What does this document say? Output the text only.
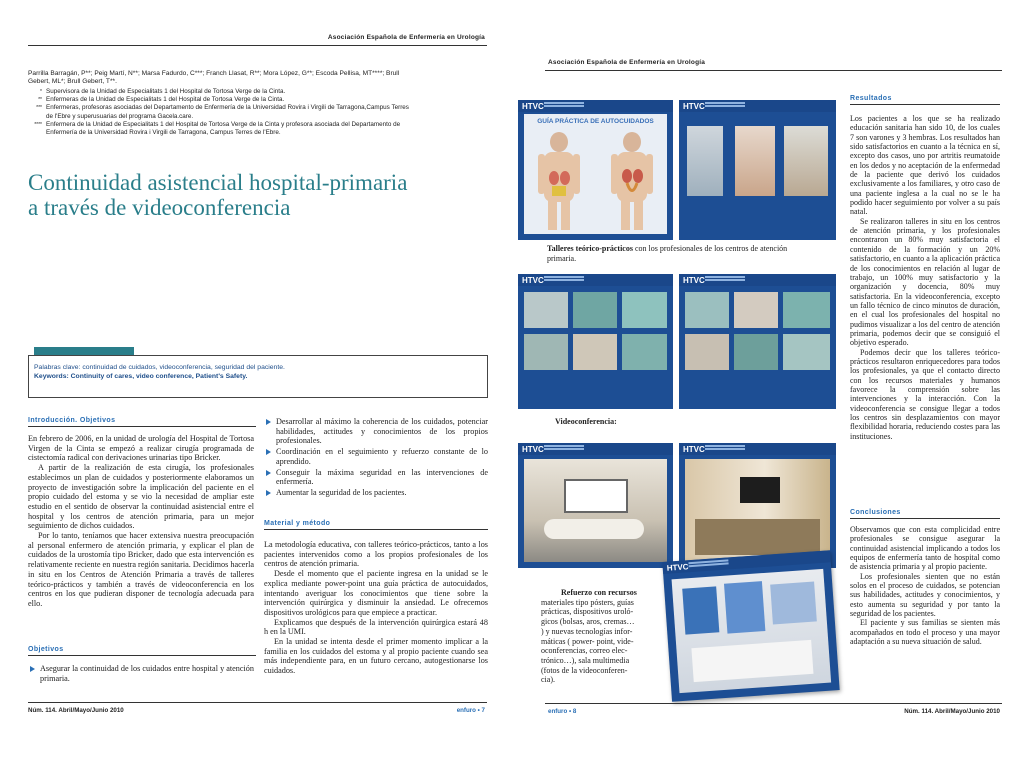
Asociación Española de Enfermería en Urología
Parrilla Barragán, P**; Peig Martí, N**; Marsa Fadurdo, C***; Franch Llasat, R**; Mora López, G**; Escoda Pellisa, MT****; Brull
Gebert, ML*; Brull Gebert, T**.
* Supervisora de la Unidad de Especialitats 1 del Hospital de Tortosa Verge de la Cinta.
** Enfermeras de la Unidad de Especialitats 1 del Hospital de Tortosa Verge de la Cinta.
*** Enfermeras, profesoras asociadas del Departamento de Enfermería de la Universidad Rovira i Virgili de Tarragona,Campus Terres
de l'Ebre y superusuarias del programa Gacela.care.
**** Enfermera de la Unidad de Especialitats 1 del Hospital de Tortosa Verge de la Cinta y profesora asociada del Departamento de
Enfermería de la Universidad Rovira i Virgili de Tarragona, Campus Terres de l'Ebre.
Continuidad asistencial hospital-primaria
a través de videoconferencia
Palabras clave: continuidad de cuidados, videoconferencia, seguridad del paciente.
Keywords: Continuity of cares, video conference, Patient's Safety.
Introducción. Objetivos

En febrero de 2006, en la unidad de urología del Hospital de Tortosa Virgen de la Cinta se empezó a realizar cirugía programada de cistectomía radical con derivaciones urinarias tipo Bricker.

A partir de la realización de esta cirugía, los profesionales establecimos un plan de cuidados y posteriormente elaboramos un proyecto de investigación sobre la implicación del paciente en el propio cuidado del estoma y se vio la necesidad de ampliar este estudio en el sentido de observar la continuidad asistencial entre el hospital y los centros de atención primaria, para un mejor seguimiento de dichos cuidados.

Por lo tanto, teníamos que hacer extensiva nuestra preocupación al personal enfermero de atención primaria, y explicar el plan de cuidados de la urostomía tipo Bricker, dado que esta intervención es relativamente reciente en nuestra región sanitaria. Decidimos hacerla in situ en los Centros de Atención Primaria a través de talleres teórico-prácticos y también a través de videoconferencia en los centros en los que pudieran disponer de tecnología adecuada para ello.

Objetivos
Asegurar la continuidad de los cuidados entre hospital y atención primaria.
Desarrollar al máximo la coherencia de los cuidados, potenciar habilidades, actitudes y conocimientos de los propios profesionales.
Coordinación en el seguimiento y refuerzo constante de lo aprendido.
Conseguir la máxima seguridad en las intervenciones de enfermería.
Aumentar la seguridad de los pacientes.
Material y método

La metodología educativa, con talleres teórico-prácticos, tanto a los pacientes intervenidos como a los propios profesionales de los centros de atención primaria.

Desde el momento que el paciente ingresa en la unidad se le explica mediante power-point una guía práctica de autocuidados, intentando averiguar los conocimientos que tiene sobre la intervención quirúrgica y disminuir la ansiedad. Le ofrecemos dispositivos urológicos para que empiece a practicar.

Explicamos que después de la intervención quirúrgica estará 48 h en la UMI.

En la unidad se intenta desde el primer momento implicar a la familia en los cuidados del estoma y al propio paciente cuando sea más independiente para, en un futuro cercano, autogestionarse los cuidados.

Núm. 114. Abril/Mayo/Junio 2010	enfuro • 7
Asociación Española de Enfermería en Urología
HTVC
GUÍA PRÁCTICA DE AUTOCUIDADOS
HTVC
Talleres teórico-prácticos con los profesionales de los centros de atención primaria.
HTVC	HTVC
Videoconferencia:
HTVC	HTVC
HTVC
Refuerzo con recursos
materiales tipo pósters, guías
prácticas, dispositivos uroló-
gicos (bolsas, aros, cremas…
) y nuevas tecnologías infor-
máticas ( power- point, vide-
oconferencias, correo elec-
trónico…), sala multimedia
(fotos de la videoconferen-
cia).
Resultados

Los pacientes a los que se ha realizado educación sanitaria han sido 10, de los cuales 7 son varones y 3 hembras. Los resultados han sido satisfactorios en cuanto a la técnica en sí, excepto dos casos, uno por artritis reumatoide en los dedos y no aceptación de la enfermedad de la paciente que derivó los cuidados exclusivamente a los familiares, y otro caso de una paciente inglesa a la cual no se le ha podido hacer seguimiento por volver a su país natal.

Se realizaron talleres in situ en los centros de atención primaria, y los profesionales encontraron un 80% muy satisfactoria el contenido de la formación y un 20% satisfactorio, en cuanto a la aplicación práctica de los conocimientos en relación al lugar de trabajo, un 100% muy satisfactorio y la organización y docencia, 80% muy satisfactoria. En la videoconferencia, excepto un fallo técnico de cinco minutos de duración, en el cual los profesionales del hospital no pudimos visualizar a los del centro de atención primaria, podemos decir que se consiguió el objetivo esperado.

Podemos decir que los talleres teórico-prácticos resultaron enriquecedores para todos los profesionales, ya que el contacto directo con los recursos materiales y humanos favorece la comprensión sobre las intervenciones y la interacción. Con la videoconferencia se consigue llegar a todos los centros sin desplazamientos con mayor flexibilidad horaria, reduciendo costes para las instituciones.

Conclusiones

Observamos que con esta complicidad entre profesionales se consigue asegurar la continuidad asistencial implicando a todos los equipos de enfermería tanto de hospital como de asistencia primaria y al propio paciente.

Los profesionales sienten que no están solos en el proceso de cuidados, se potencian sus habilidades, actitudes y conocimientos, y esto aumenta su seguridad y por tanto la seguridad de los pacientes.

El paciente y sus familias se sienten más acompañados en todo el proceso y una mayor adaptación a su nueva situación de salud.

enfuro • 8	Núm. 114. Abril/Mayo/Junio 2010
